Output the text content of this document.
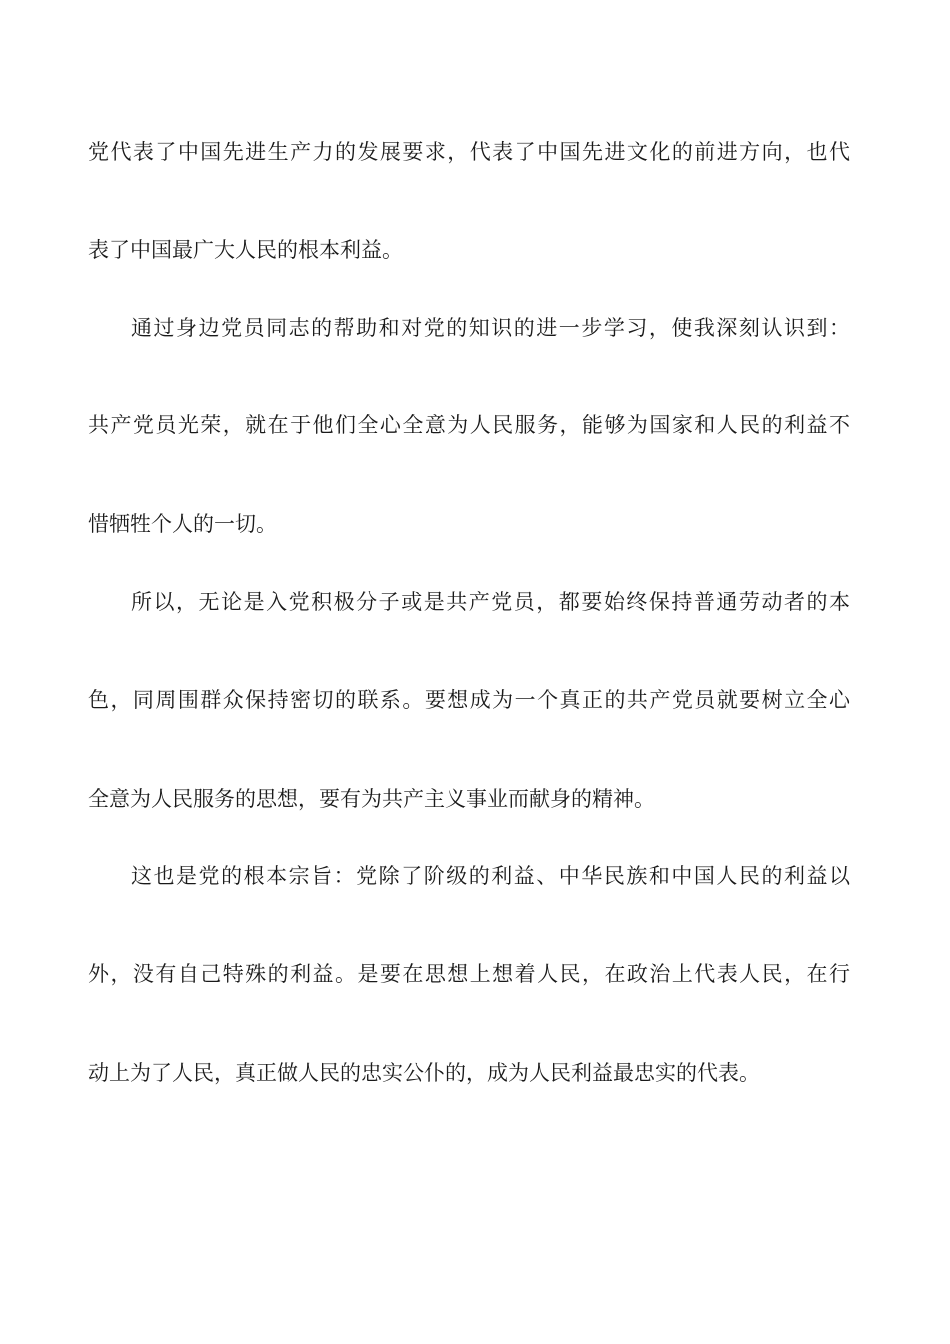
党代表了中国先进生产力的发展要求，代表了中国先进文化的前进方向，也代

表了中国最广大人民的根本利益。

通过身边党员同志的帮助和对党的知识的进一步学习，使我深刻认识到：

共产党员光荣，就在于他们全心全意为人民服务，能够为国家和人民的利益不

惜牺牲个人的一切。

所以，无论是入党积极分子或是共产党员，都要始终保持普通劳动者的本

色，同周围群众保持密切的联系。要想成为一个真正的共产党员就要树立全心

全意为人民服务的思想，要有为共产主义事业而献身的精神。

这也是党的根本宗旨：党除了阶级的利益、中华民族和中国人民的利益以

外，没有自己特殊的利益。是要在思想上想着人民，在政治上代表人民，在行

动上为了人民，真正做人民的忠实公仆的，成为人民利益最忠实的代表。
